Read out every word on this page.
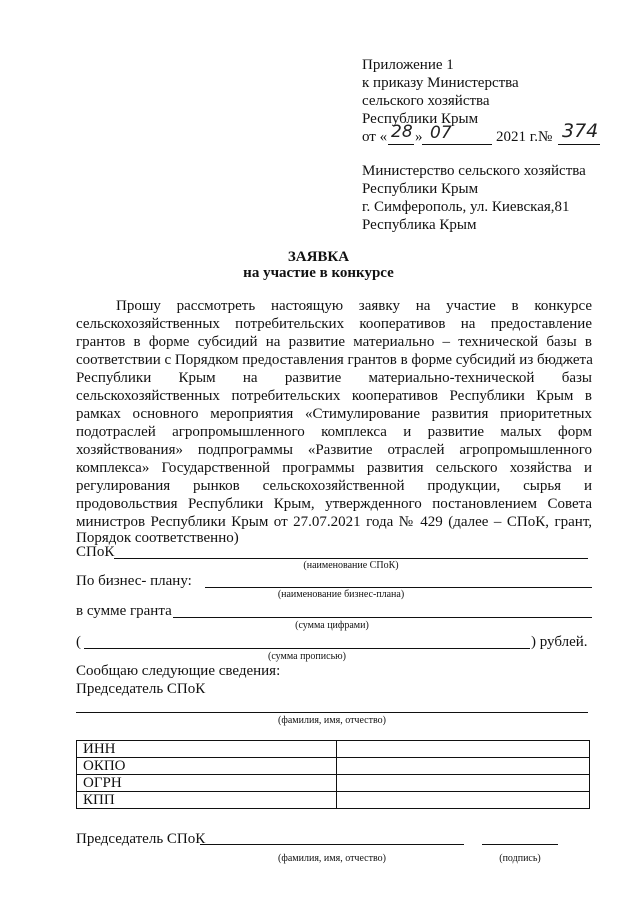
Приложение 1
к приказу Министерства
сельского хозяйства
Республики Крым
от « 28 » 07	2021 г.№ 374
Министерство сельского хозяйства
Республики Крым
г. Симферополь, ул. Киевская,81
Республика Крым
ЗАЯВКА
на участие в конкурсе
Прошу рассмотреть настоящую заявку на участие в конкурсе
сельскохозяйственных потребительских кооперативов на предоставление
грантов в форме субсидий на развитие материально – технической базы в
соответствии с Порядком предоставления грантов в форме субсидий из бюджета
Республики Крым на развитие материально-технической базы
сельскохозяйственных потребительских кооперативов Республики Крым в
рамках основного мероприятия «Стимулирование развития приоритетных
подотраслей агропромышленного комплекса и развитие малых форм
хозяйствования» подпрограммы «Развитие отраслей агропромышленного
комплекса» Государственной программы развития сельского хозяйства и
регулирования рынков сельскохозяйственной продукции, сырья и
продовольствия Республики Крым, утвержденного постановлением Совета
министров Республики Крым от 27.07.2021 года № 429 (далее – СПоК, грант,
Порядок соответственно)
СПоК
(наименование СПоК)
По бизнес- плану:
(наименование бизнес-плана)
в сумме гранта
(сумма цифрами)
(	) рублей.
(сумма прописью)
Сообщаю следующие сведения:
Председатель СПоК
(фамилия, имя, отчество)
ИНН	
ОКПО	
ОГРН	
КПП	
Председатель СПоК
(фамилия, имя, отчество)	(подпись)
